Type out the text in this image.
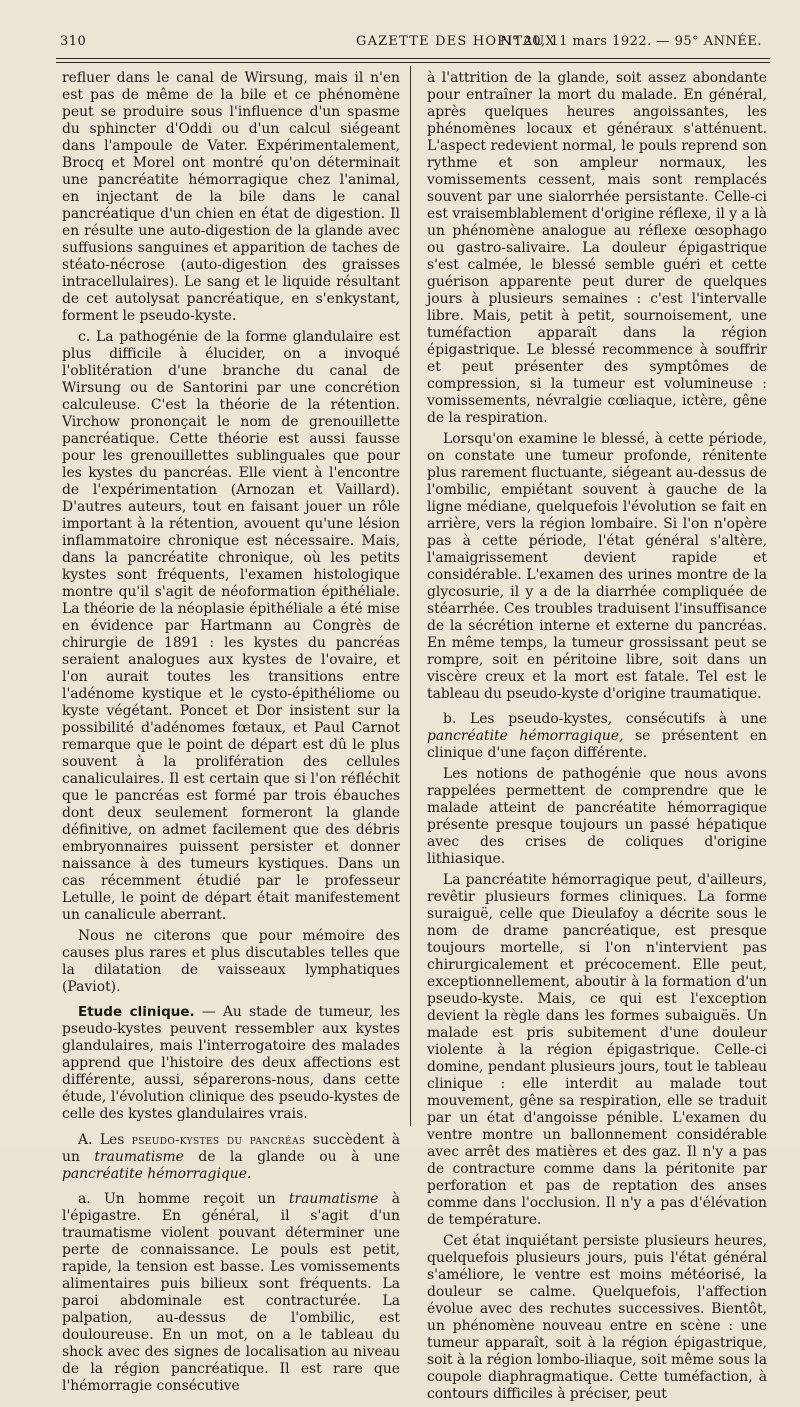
310	GAZETTE DES HOPITAUX
N° 20, 11 mars 1922. — 95° ANNÉE.

refluer dans le canal de Wirsung, mais il n'en est pas de même de la bile et ce phénomène peut se produire sous l'influence d'un spasme du sphincter d'Oddi ou d'un calcul siégeant dans l'ampoule de Vater. Expérimentalement, Brocq et Morel ont montré qu'on déterminait une pancréatite hémorragique chez l'animal, en injectant de la bile dans le canal pancréatique d'un chien en état de digestion. Il en résulte une auto-digestion de la glande avec suffusions sanguines et apparition de taches de stéato-nécrose (auto-digestion des graisses intracellulaires). Le sang et le liquide résultant de cet autolysat pancréatique, en s'enkystant, forment le pseudo-kyste.

c. La pathogénie de la forme glandulaire est plus difficile à élucider, on a invoqué l'oblitération d'une branche du canal de Wirsung ou de Santorini par une concrétion calculeuse. C'est la théorie de la rétention. Virchow prononçait le nom de grenouillette pancréatique. Cette théorie est aussi fausse pour les grenouillettes sublinguales que pour les kystes du pancréas. Elle vient à l'encontre de l'expérimentation (Arnozan et Vaillard). D'autres auteurs, tout en faisant jouer un rôle important à la rétention, avouent qu'une lésion inflammatoire chronique est nécessaire. Mais, dans la pancréatite chronique, où les petits kystes sont fréquents, l'examen histologique montre qu'il s'agit de néoformation épithéliale. La théorie de la néoplasie épithéliale a été mise en évidence par Hartmann au Congrès de chirurgie de 1891 : les kystes du pancréas seraient analogues aux kystes de l'ovaire, et l'on aurait toutes les transitions entre l'adénome kystique et le cysto-épithéliome ou kyste végétant. Poncet et Dor insistent sur la possibilité d'adénomes fœtaux, et Paul Carnot remarque que le point de départ est dû le plus souvent à la prolifération des cellules canaliculaires. Il est certain que si l'on réfléchit que le pancréas est formé par trois ébauches dont deux seulement formeront la glande définitive, on admet facilement que des débris embryonnaires puissent persister et donner naissance à des tumeurs kystiques. Dans un cas récemment étudié par le professeur Letulle, le point de départ était manifestement un canalicule aberrant.

Nous ne citerons que pour mémoire des causes plus rares et plus discutables telles que la dilatation de vaisseaux lymphatiques (Paviot).

Etude clinique. — Au stade de tumeur, les pseudo-kystes peuvent ressembler aux kystes glandulaires, mais l'interrogatoire des malades apprend que l'histoire des deux affections est différente, aussi, séparerons-nous, dans cette étude, l'évolution clinique des pseudo-kystes de celle des kystes glandulaires vrais.

A. Les pseudo-kystes du pancréas succèdent à un traumatisme de la glande ou à une pancréatite hémorragique.

a. Un homme reçoit un traumatisme à l'épigastre. En général, il s'agit d'un traumatisme violent pouvant déterminer une perte de connaissance. Le pouls est petit, rapide, la tension est basse. Les vomissements alimentaires puis bilieux sont fréquents. La paroi abdominale est contracturée. La palpation, au-dessus de l'ombilic, est douloureuse. En un mot, on a le tableau du shock avec des signes de localisation au niveau de la région pancréatique. Il est rare que l'hémorragie consécutive

à l'attrition de la glande, soit assez abondante pour entraîner la mort du malade. En général, après quelques heures angoissantes, les phénomènes locaux et généraux s'atténuent. L'aspect redevient normal, le pouls reprend son rythme et son ampleur normaux, les vomissements cessent, mais sont remplacés souvent par une sialorrhée persistante. Celle-ci est vraisemblablement d'origine réflexe, il y a là un phénomène analogue au réflexe œsophago ou gastro-salivaire. La douleur épigastrique s'est calmée, le blessé semble guéri et cette guérison apparente peut durer de quelques jours à plusieurs semaines : c'est l'intervalle libre. Mais, petit à petit, sournoisement, une tuméfaction apparaît dans la région épigastrique. Le blessé recommence à souffrir et peut présenter des symptômes de compression, si la tumeur est volumineuse : vomissements, névralgie cœliaque, ictère, gêne de la respiration.

Lorsqu'on examine le blessé, à cette période, on constate une tumeur profonde, rénitente plus rarement fluctuante, siégeant au-dessus de l'ombilic, empiétant souvent à gauche de la ligne médiane, quelquefois l'évolution se fait en arrière, vers la région lombaire. Si l'on n'opère pas à cette période, l'état général s'altère, l'amaigrissement devient rapide et considérable. L'examen des urines montre de la glycosurie, il y a de la diarrhée compliquée de stéarrhée. Ces troubles traduisent l'insuffisance de la sécrétion interne et externe du pancréas. En même temps, la tumeur grossissant peut se rompre, soit en péritoine libre, soit dans un viscère creux et la mort est fatale. Tel est le tableau du pseudo-kyste d'origine traumatique.

b. Les pseudo-kystes, consécutifs à une pancréatite hémorragique, se présentent en clinique d'une façon différente.

Les notions de pathogénie que nous avons rappelées permettent de comprendre que le malade atteint de pancréatite hémorragique présente presque toujours un passé hépatique avec des crises de coliques d'origine lithiasique.

La pancréatite hémorragique peut, d'ailleurs, revêtir plusieurs formes cliniques. La forme suraiguë, celle que Dieulafoy a décrite sous le nom de drame pancréatique, est presque toujours mortelle, si l'on n'intervient pas chirurgicalement et précocement. Elle peut, exceptionnellement, aboutir à la formation d'un pseudo-kyste. Mais, ce qui est l'exception devient la règle dans les formes subaiguës. Un malade est pris subitement d'une douleur violente à la région épigastrique. Celle-ci domine, pendant plusieurs jours, tout le tableau clinique : elle interdit au malade tout mouvement, gêne sa respiration, elle se traduit par un état d'angoisse pénible. L'examen du ventre montre un ballonnement considérable avec arrêt des matières et des gaz. Il n'y a pas de contracture comme dans la péritonite par perforation et pas de reptation des anses comme dans l'occlusion. Il n'y a pas d'élévation de température.

Cet état inquiétant persiste plusieurs heures, quelquefois plusieurs jours, puis l'état général s'améliore, le ventre est moins météorisé, la douleur se calme. Quelquefois, l'affection évolue avec des rechutes successives. Bientôt, un phénomène nouveau entre en scène : une tumeur apparaît, soit à la région épigastrique, soit à la région lombo-iliaque, soit même sous la coupole diaphragmatique. Cette tuméfaction, à contours difficiles à préciser, peut
